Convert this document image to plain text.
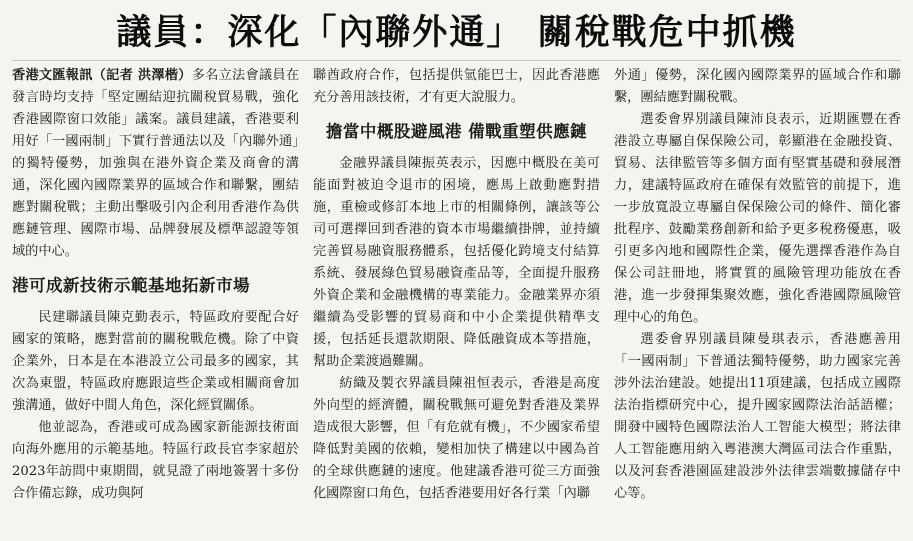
議員：深化「內聯外通」 關稅戰危中抓機

香港文匯報訊（記者 洪澤楷）多名立法會議員在發言時均支持「堅定團結迎抗關稅貿易戰，強化香港國際窗口效能」議案。議員建議，香港要利用好「一國兩制」下實行普通法以及「內聯外通」的獨特優勢，加強與在港外資企業及商會的溝通，深化國內國際業界的區域合作和聯繫，團結應對關稅戰；主動出擊吸引內企利用香港作為供應鏈管理、國際市場、品牌發展及標準認證等領域的中心。

港可成新技術示範基地拓新市場

民建聯議員陳克勤表示，特區政府要配合好國家的策略，應對當前的關稅戰危機。除了中資企業外，日本是在本港設立公司最多的國家，其次為東盟，特區政府應跟這些企業或相關商會加強溝通，做好中間人角色，深化經貿關係。

他並認為，香港或可成為國家新能源技術面向海外應用的示範基地。特區行政長官李家超於2023年訪問中東期間，就見證了兩地簽署十多份合作備忘錄，成功與阿

聯酋政府合作，包括提供氫能巴士，因此香港應充分善用該技術，才有更大說服力。

擔當中概股避風港 備戰重塑供應鏈

金融界議員陳振英表示，因應中概股在美可能面對被迫令退市的困境，應馬上啟動應對措施，重檢或修訂本地上市的相關條例，讓該等公司可選擇回到香港的資本市場繼續掛牌，並持續完善貿易融資服務體系，包括優化跨境支付結算系統、發展綠色貿易融資產品等，全面提升服務外資企業和金融機構的專業能力。金融業界亦須繼續為受影響的貿易商和中小企業提供精準支援，包括延長還款期限、降低融資成本等措施，幫助企業渡過難關。

紡織及製衣界議員陳祖恒表示，香港是高度外向型的經濟體，關稅戰無可避免對香港及業界造成很大影響，但「有危就有機」，不少國家希望降低對美國的依賴，變相加快了構建以中國為首的全球供應鏈的速度。他建議香港可從三方面強化國際窗口角色，包括香港要用好各行業「內聯

外通」優勢，深化國內國際業界的區域合作和聯繫，團結應對關稅戰。

選委會界別議員陳沛良表示，近期匯豐在香港設立專屬自保保險公司，彰顯港在金融投資、貿易、法律監管等多個方面有堅實基礎和發展潛力，建議特區政府在確保有效監管的前提下，進一步放寬設立專屬自保保險公司的條件、簡化審批程序、鼓勵業務創新和給予更多稅務優惠，吸引更多內地和國際性企業，優先選擇香港作為自保公司註冊地，將實質的風險管理功能放在香港，進一步發揮集聚效應，強化香港國際風險管理中心的角色。

選委會界別議員陳曼琪表示，香港應善用「一國兩制」下普通法獨特優勢，助力國家完善涉外法治建設。她提出11項建議，包括成立國際法治指標研究中心，提升國家國際法治話語權；開發中國特色國際法治人工智能大模型；將法律人工智能應用納入粵港澳大灣區司法合作重點，以及河套香港園區建設涉外法律雲端數據儲存中心等。
